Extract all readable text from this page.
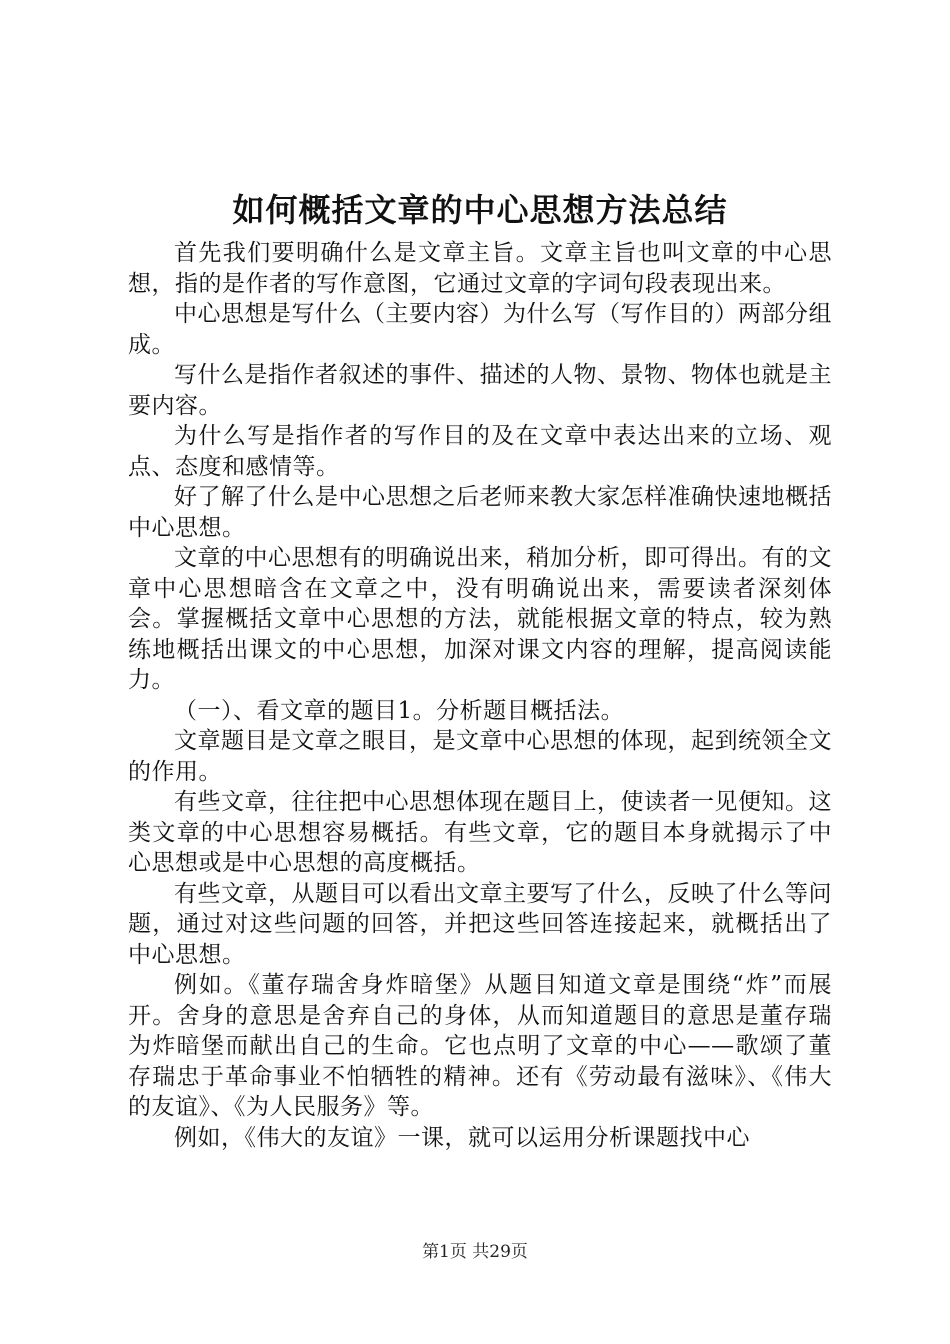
如何概括文章的中心思想方法总结

首先我们要明确什么是文章主旨。文章主旨也叫文章的中心思想，指的是作者的写作意图，它通过文章的字词句段表现出来。

中心思想是写什么（主要内容）为什么写（写作目的）两部分组成。

写什么是指作者叙述的事件、描述的人物、景物、物体也就是主要内容。

为什么写是指作者的写作目的及在文章中表达出来的立场、观点、态度和感情等。

好了解了什么是中心思想之后老师来教大家怎样准确快速地概括中心思想。

文章的中心思想有的明确说出来，稍加分析，即可得出。有的文章中心思想暗含在文章之中，没有明确说出来，需要读者深刻体会。掌握概括文章中心思想的方法，就能根据文章的特点，较为熟练地概括出课文的中心思想，加深对课文内容的理解，提高阅读能力。

（一）、看文章的题目1。分析题目概括法。

文章题目是文章之眼目，是文章中心思想的体现，起到统领全文的作用。

有些文章，往往把中心思想体现在题目上，使读者一见便知。这类文章的中心思想容易概括。有些文章，它的题目本身就揭示了中心思想或是中心思想的高度概括。

有些文章，从题目可以看出文章主要写了什么，反映了什么等问题，通过对这些问题的回答，并把这些回答连接起来，就概括出了中心思想。

例如。《董存瑞舍身炸暗堡》从题目知道文章是围绕“炸”而展开。舍身的意思是舍弃自己的身体，从而知道题目的意思是董存瑞为炸暗堡而献出自己的生命。它也点明了文章的中心——歌颂了董存瑞忠于革命事业不怕牺牲的精神。还有《劳动最有滋味》、《伟大的友谊》、《为人民服务》等。

例如，《伟大的友谊》一课，就可以运用分析课题找中心

第1页 共29页
